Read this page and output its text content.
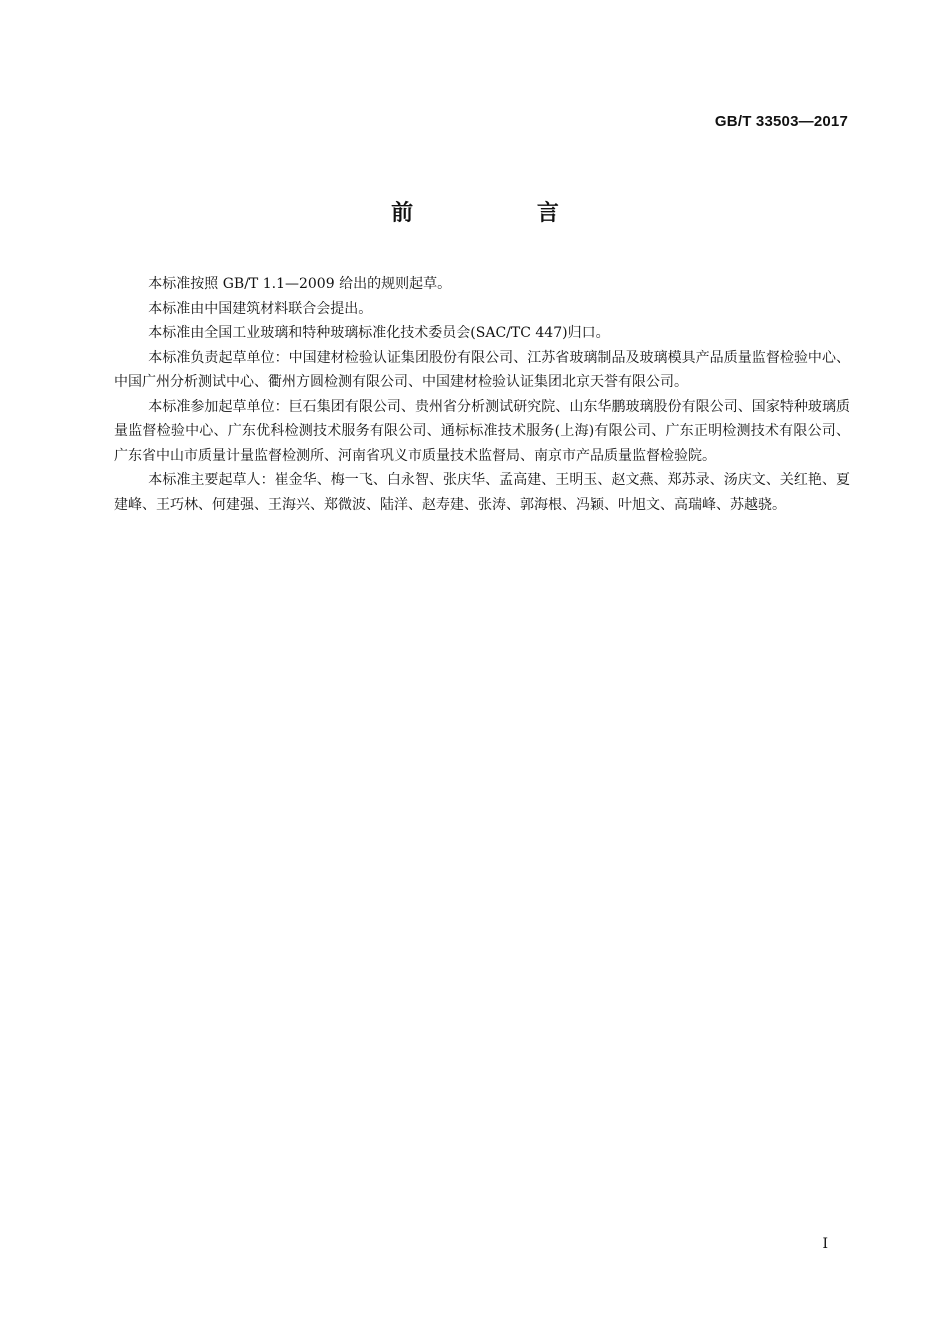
GB/T 33503—2017
前 言

本标准按照 GB/T 1.1—2009 给出的规则起草。

本标准由中国建筑材料联合会提出。

本标准由全国工业玻璃和特种玻璃标准化技术委员会(SAC/TC 447)归口。

本标准负责起草单位：中国建材检验认证集团股份有限公司、江苏省玻璃制品及玻璃模具产品质量监督检验中心、中国广州分析测试中心、衢州方圆检测有限公司、中国建材检验认证集团北京天誉有限公司。

本标准参加起草单位：巨石集团有限公司、贵州省分析测试研究院、山东华鹏玻璃股份有限公司、国家特种玻璃质量监督检验中心、广东优科检测技术服务有限公司、通标标准技术服务(上海)有限公司、广东正明检测技术有限公司、广东省中山市质量计量监督检测所、河南省巩义市质量技术监督局、南京市产品质量监督检验院。

本标准主要起草人：崔金华、梅一飞、白永智、张庆华、孟高建、王明玉、赵文燕、郑苏录、汤庆文、关红艳、夏建峰、王巧林、何建强、王海兴、郑微波、陆洋、赵寿建、张涛、郭海根、冯颖、叶旭文、高瑞峰、苏越骁。

I
